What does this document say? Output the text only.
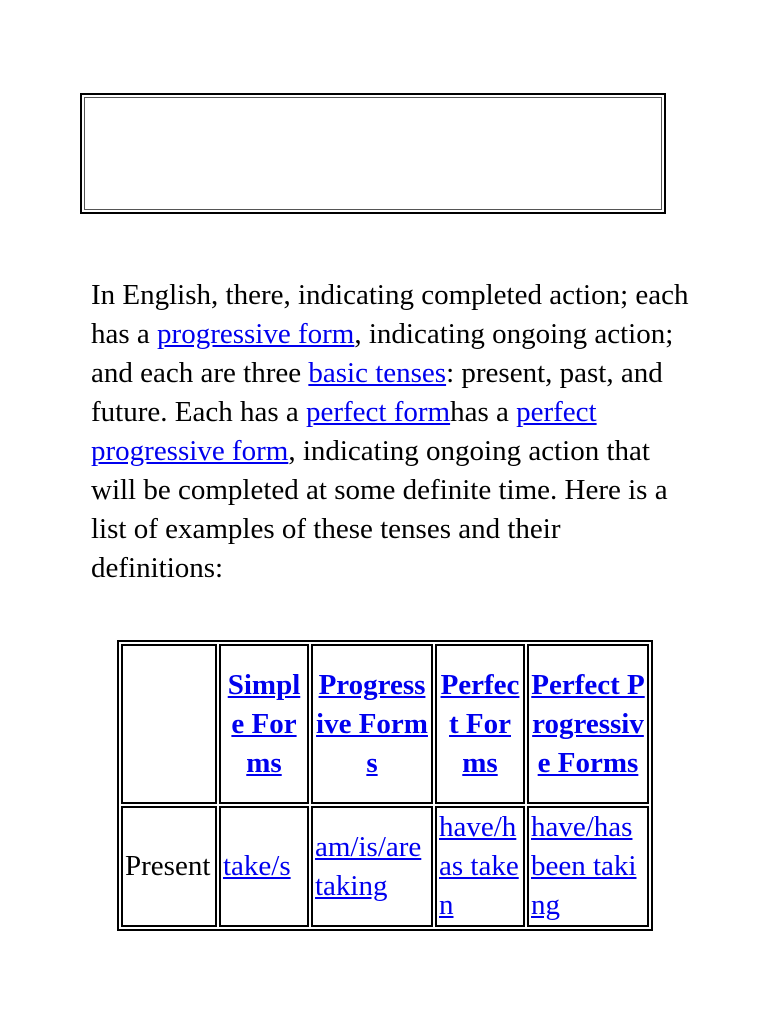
In English, there, indicating completed action; each has a progressive form, indicating ongoing action; and each are three basic tenses: present, past, and future. Each has a perfect formhas a perfect progressive form, indicating ongoing action that will be completed at some definite time. Here is a list of examples of these tenses and their definitions:

	Simple Forms	Progressive Forms	Perfect Forms	Perfect Progressive Forms
Present	take/s	am/is/are taking	have/has taken	have/has been taking
